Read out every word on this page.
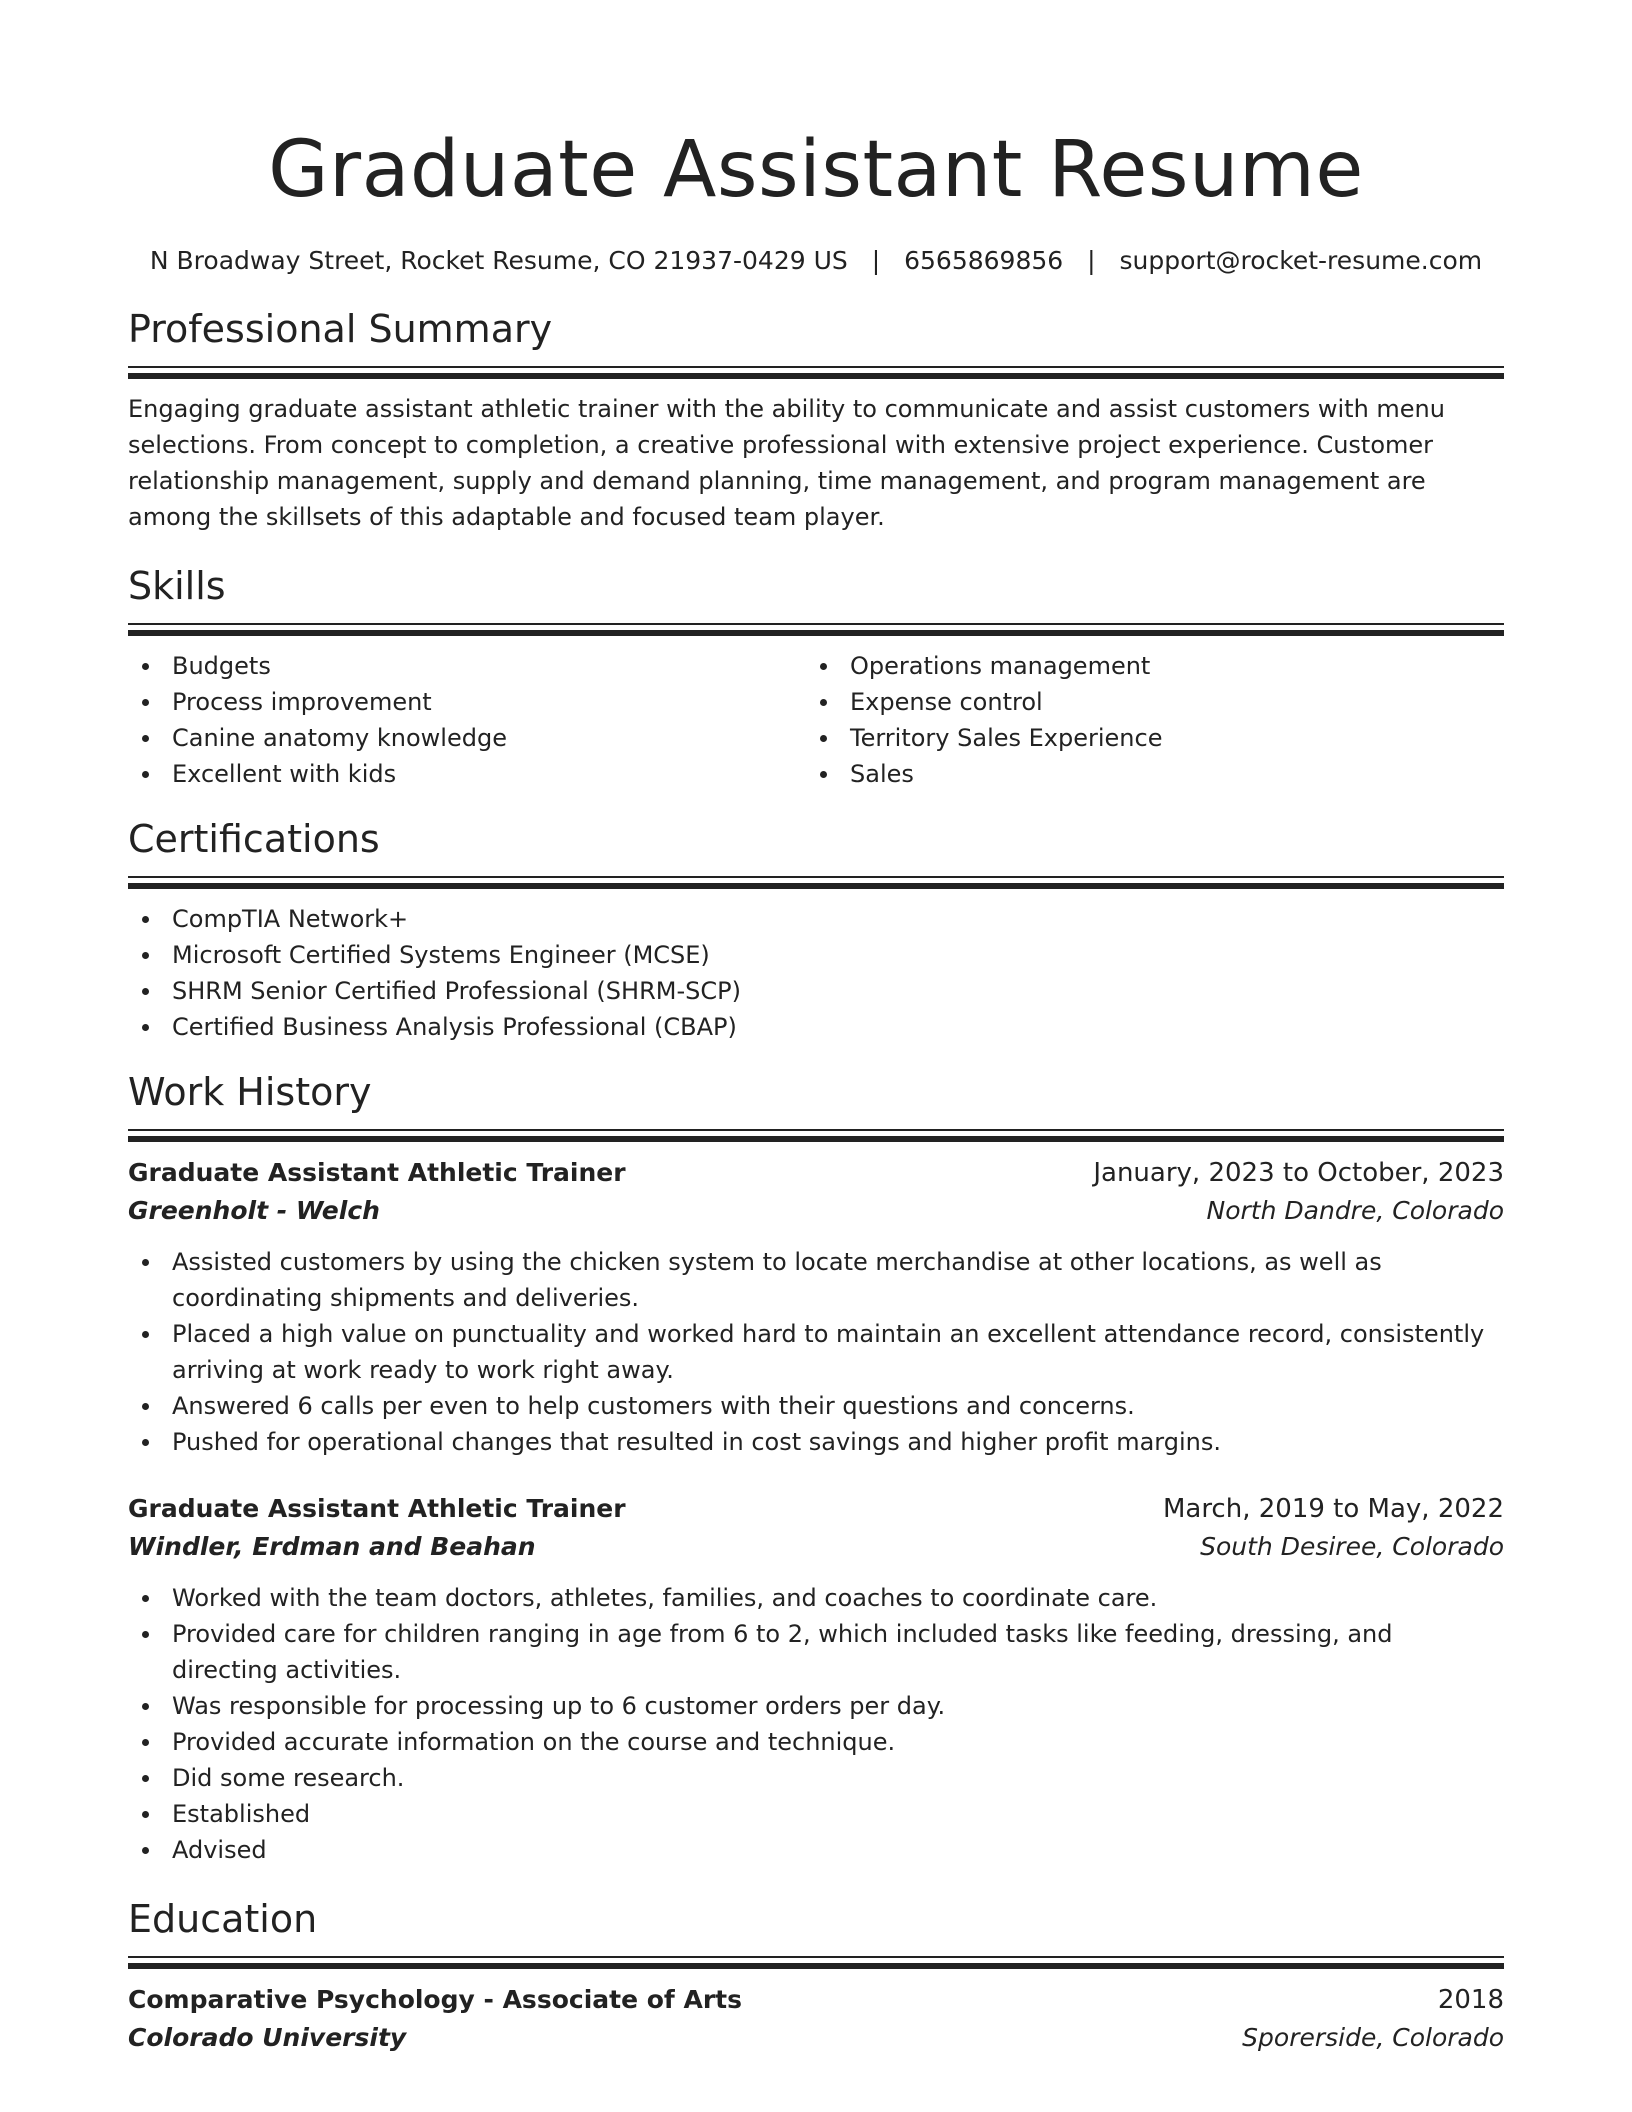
Graduate Assistant Resume
N Broadway Street, Rocket Resume, CO 21937-0429 US | 6565869856 | support@rocket-resume.com
Professional Summary
Engaging graduate assistant athletic trainer with the ability to communicate and assist customers with menu selections. From concept to completion, a creative professional with extensive project experience. Customer relationship management, supply and demand planning, time management, and program management are among the skillsets of this adaptable and focused team player.
Skills
Budgets
Process improvement
Canine anatomy knowledge
Excellent with kids
Operations management
Expense control
Territory Sales Experience
Sales
Certifications
CompTIA Network+
Microsoft Certified Systems Engineer (MCSE)
SHRM Senior Certified Professional (SHRM-SCP)
Certified Business Analysis Professional (CBAP)
Work History
Graduate Assistant Athletic Trainer	January, 2023 to October, 2023
Greenholt - Welch	North Dandre, Colorado
Assisted customers by using the chicken system to locate merchandise at other locations, as well as coordinating shipments and deliveries.
Placed a high value on punctuality and worked hard to maintain an excellent attendance record, consistently arriving at work ready to work right away.
Answered 6 calls per even to help customers with their questions and concerns.
Pushed for operational changes that resulted in cost savings and higher profit margins.
Graduate Assistant Athletic Trainer	March, 2019 to May, 2022
Windler, Erdman and Beahan	South Desiree, Colorado
Worked with the team doctors, athletes, families, and coaches to coordinate care.
Provided care for children ranging in age from 6 to 2, which included tasks like feeding, dressing, and directing activities.
Was responsible for processing up to 6 customer orders per day.
Provided accurate information on the course and technique.
Did some research.
Established
Advised
Education
Comparative Psychology - Associate of Arts	2018
Colorado University	Sporerside, Colorado
